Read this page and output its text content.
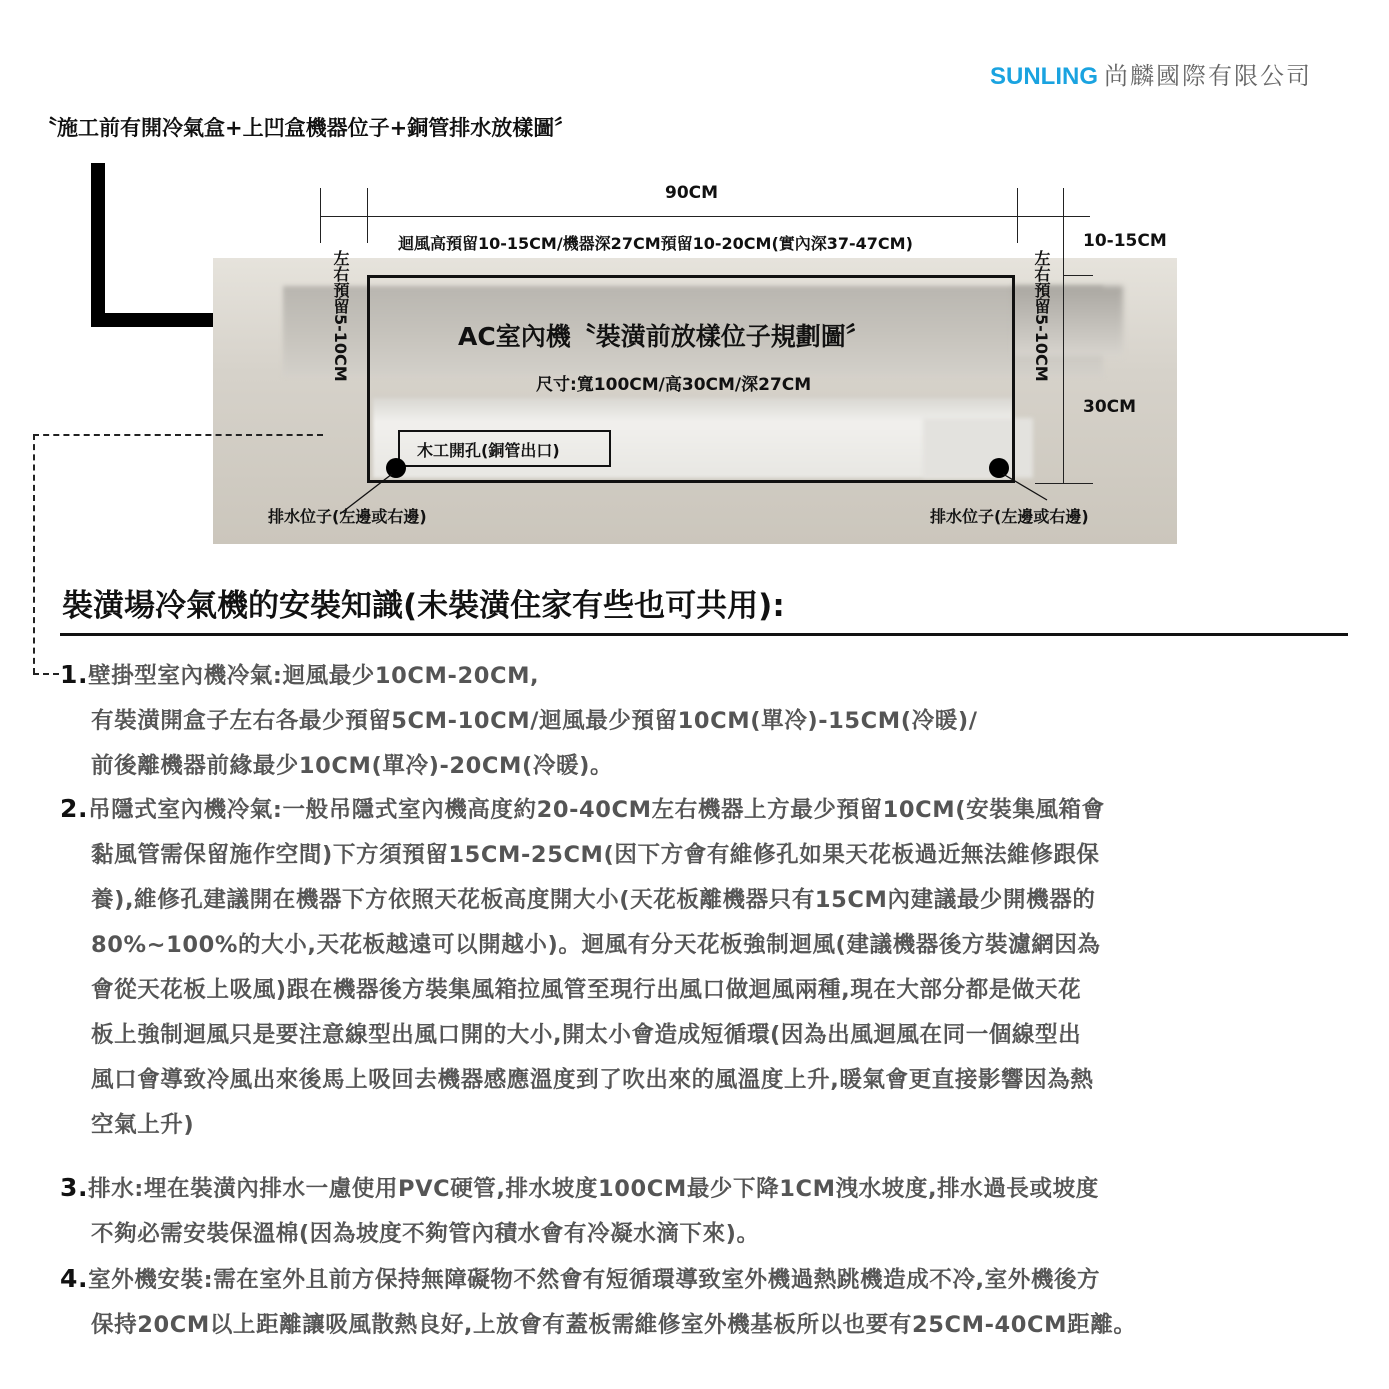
SUNLING 尚麟國際有限公司
〝施工前有開冷氣盒+上凹盒機器位子+銅管排水放樣圖〞
90CM
迴風高預留10-15CM/機器深27CM預留10-20CM(實內深37-47CM)	10-15CM
30CM
左右預留5-10CM	左右預留5-10CM
AC室內機〝裝潢前放樣位子規劃圖〞
尺寸:寬100CM/高30CM/深27CM
木工開孔(銅管出口)
排水位子(左邊或右邊)	排水位子(左邊或右邊)
裝潢場冷氣機的安裝知識(未裝潢住家有些也可共用):
1.壁掛型室內機冷氣:迴風最少10CM-20CM,
有裝潢開盒子左右各最少預留5CM-10CM/迴風最少預留10CM(單冷)-15CM(冷暖)/
前後離機器前緣最少10CM(單冷)-20CM(冷暖)。
2.吊隱式室內機冷氣:一般吊隱式室內機高度約20-40CM左右機器上方最少預留10CM(安裝集風箱會
黏風管需保留施作空間)下方須預留15CM-25CM(因下方會有維修孔如果天花板過近無法維修跟保
養),維修孔建議開在機器下方依照天花板高度開大小(天花板離機器只有15CM內建議最少開機器的
80%~100%的大小,天花板越遠可以開越小)。迴風有分天花板強制迴風(建議機器後方裝濾網因為
會從天花板上吸風)跟在機器後方裝集風箱拉風管至現行出風口做迴風兩種,現在大部分都是做天花
板上強制迴風只是要注意線型出風口開的大小,開太小會造成短循環(因為出風迴風在同一個線型出
風口會導致冷風出來後馬上吸回去機器感應溫度到了吹出來的風溫度上升,暖氣會更直接影響因為熱
空氣上升)
3.排水:埋在裝潢內排水一慮使用PVC硬管,排水坡度100CM最少下降1CM洩水坡度,排水過長或坡度
不夠必需安裝保溫棉(因為坡度不夠管內積水會有冷凝水滴下來)。
4.室外機安裝:需在室外且前方保持無障礙物不然會有短循環導致室外機過熱跳機造成不冷,室外機後方
保持20CM以上距離讓吸風散熱良好,上放會有蓋板需維修室外機基板所以也要有25CM-40CM距離。
